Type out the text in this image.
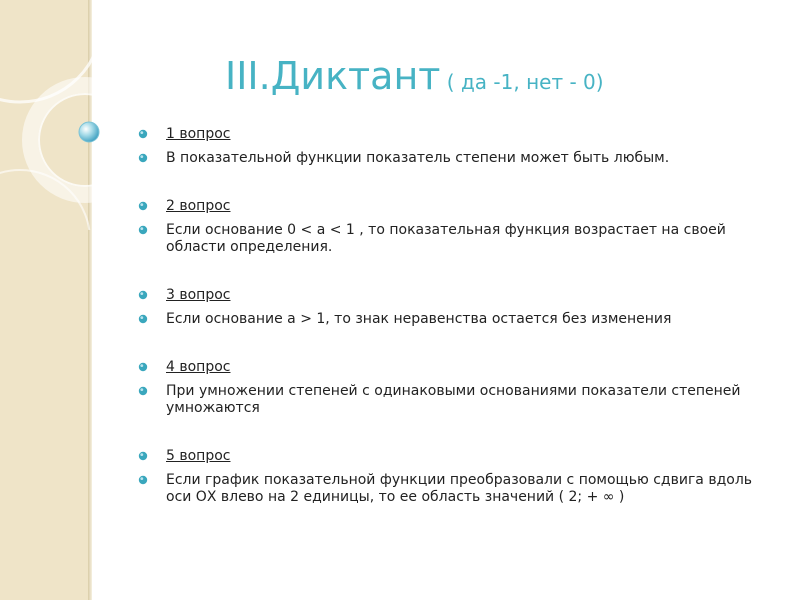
III.Диктант ( да -1, нет - 0)
1 вопрос
В показательной функции показатель степени может быть любым.
2 вопрос
Если основание 0 < a < 1 , то показательная функция возрастает на своей области определения.
3 вопрос
Если основание a > 1, то знак неравенства остается без изменения
4 вопрос
При умножении степеней с одинаковыми основаниями показатели степеней умножаются
5 вопрос
Если график показательной функции преобразовали с помощью сдвига вдоль оси ОХ влево на 2 единицы, то ее область значений ( 2; + ∞ )
